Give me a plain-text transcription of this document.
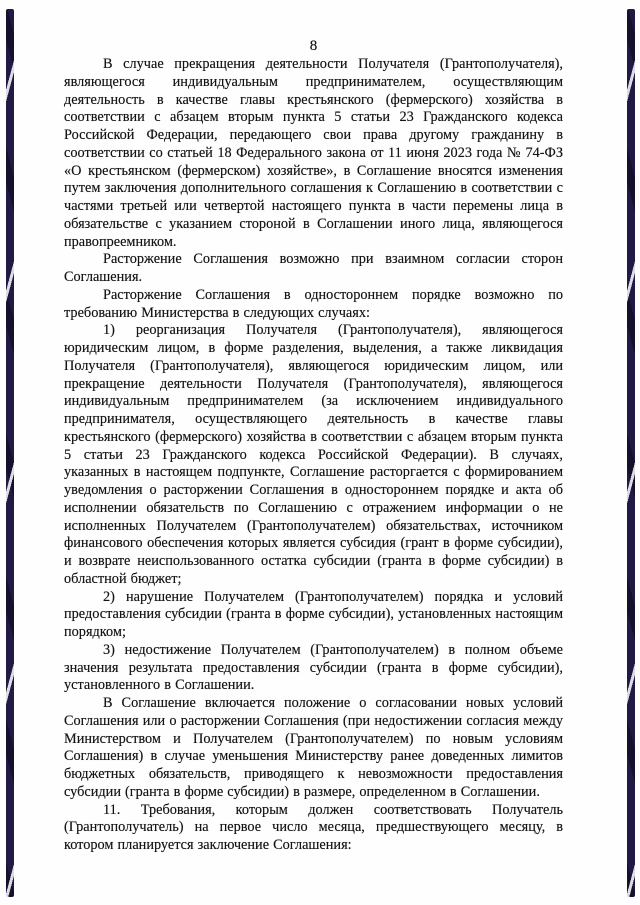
8

В случае прекращения деятельности Получателя (Грантополучателя), являющегося индивидуальным предпринимателем, осуществляющим деятельность в качестве главы крестьянского (фермерского) хозяйства в соответствии с абзацем вторым пункта 5 статьи 23 Гражданского кодекса Российской Федерации, передающего свои права другому гражданину в соответствии со статьей 18 Федерального закона от 11 июня 2023 года № 74-ФЗ «О крестьянском (фермерском) хозяйстве», в Соглашение вносятся изменения путем заключения дополнительного соглашения к Соглашению в соответствии с частями третьей или четвертой настоящего пункта в части перемены лица в обязательстве с указанием стороной в Соглашении иного лица, являющегося правопреемником.

Расторжение Соглашения возможно при взаимном согласии сторон Соглашения.

Расторжение Соглашения в одностороннем порядке возможно по требованию Министерства в следующих случаях:

1) реорганизация Получателя (Грантополучателя), являющегося юридическим лицом, в форме разделения, выделения, а также ликвидация Получателя (Грантополучателя), являющегося юридическим лицом, или прекращение деятельности Получателя (Грантополучателя), являющегося индивидуальным предпринимателем (за исключением индивидуального предпринимателя, осуществляющего деятельность в качестве главы крестьянского (фермерского) хозяйства в соответствии с абзацем вторым пункта 5 статьи 23 Гражданского кодекса Российской Федерации). В случаях, указанных в настоящем подпункте, Соглашение расторгается с формированием уведомления о расторжении Соглашения в одностороннем порядке и акта об исполнении обязательств по Соглашению с отражением информации о не исполненных Получателем (Грантополучателем) обязательствах, источником финансового обеспечения которых является субсидия (грант в форме субсидии), и возврате неиспользованного остатка субсидии (гранта в форме субсидии) в областной бюджет;

2) нарушение Получателем (Грантополучателем) порядка и условий предоставления субсидии (гранта в форме субсидии), установленных настоящим порядком;

3) недостижение Получателем (Грантополучателем) в полном объеме значения результата предоставления субсидии (гранта в форме субсидии), установленного в Соглашении.

В Соглашение включается положение о согласовании новых условий Соглашения или о расторжении Соглашения (при недостижении согласия между Министерством и Получателем (Грантополучателем) по новым условиям Соглашения) в случае уменьшения Министерству ранее доведенных лимитов бюджетных обязательств, приводящего к невозможности предоставления субсидии (гранта в форме субсидии) в размере, определенном в Соглашении.

11. Требования, которым должен соответствовать Получатель (Грантополучатель) на первое число месяца, предшествующего месяцу, в котором планируется заключение Соглашения:
